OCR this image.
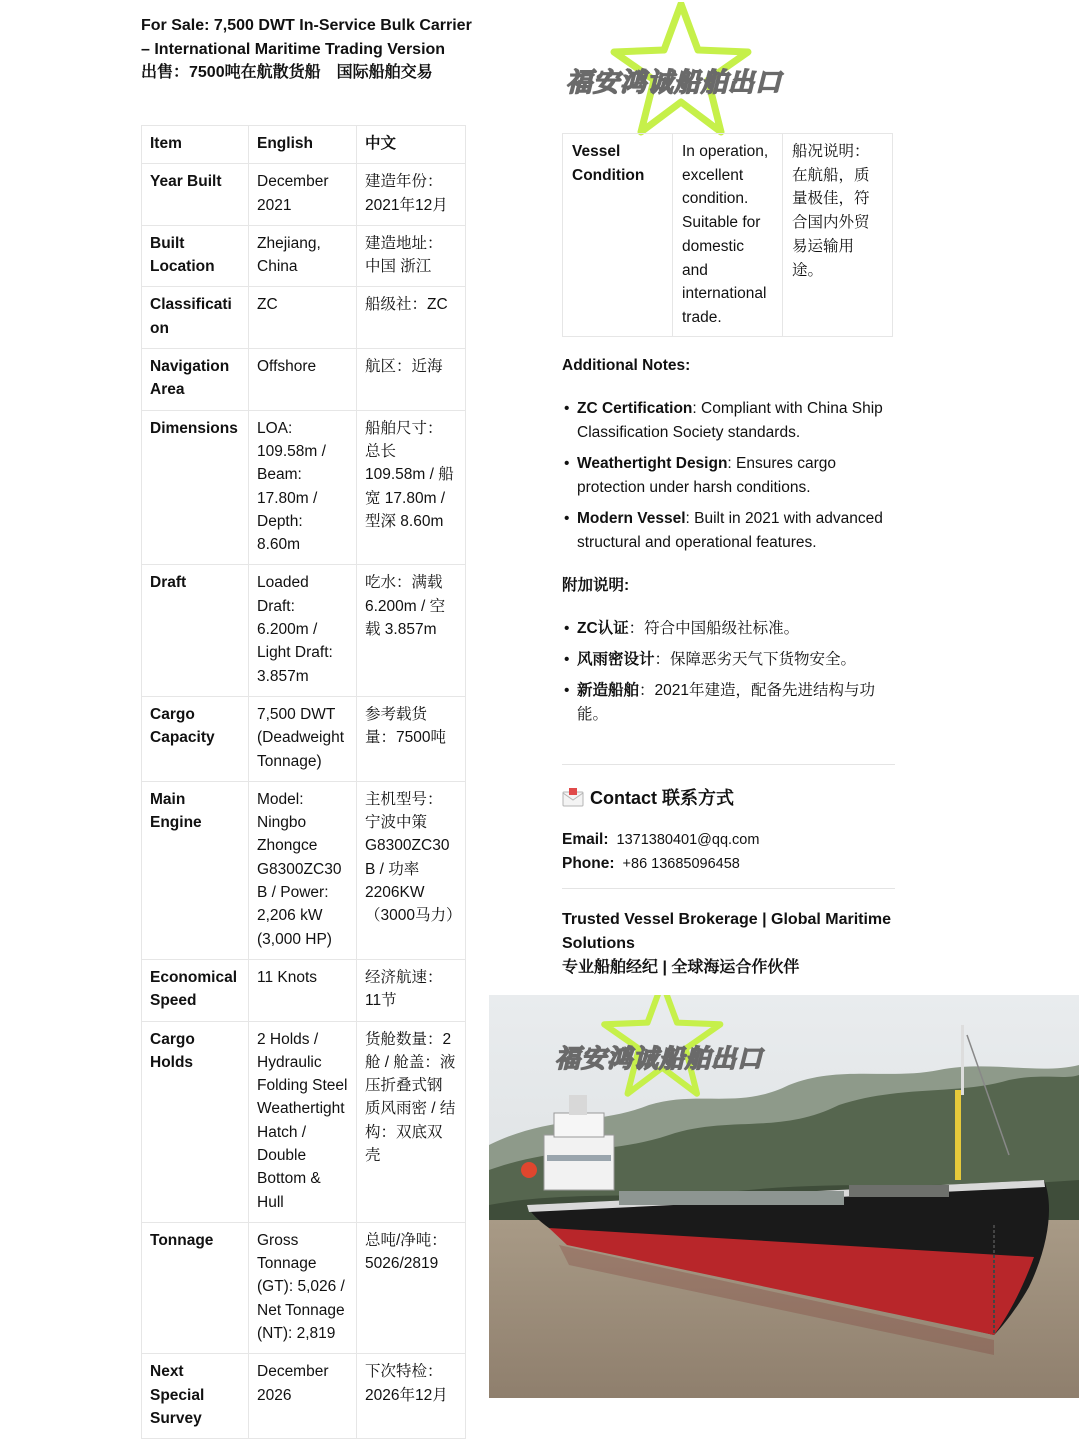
For Sale: 7,500 DWT In-Service Bulk Carrier
– International Maritime Trading Version
出售：7500吨在航散货船　国际船舶交易	福安鸿诚船舶出口
Item	English	中文
Year Built	December 2021	建造年份：2021年12月
Built Location	Zhejiang, China	建造地址：中国 浙江
Classification	ZC	船级社：ZC
Navigation Area	Offshore	航区：近海
Dimensions	LOA: 109.58m / Beam: 17.80m / Depth: 8.60m	船舶尺寸：总长 109.58m / 船宽 17.80m / 型深 8.60m
Draft	Loaded Draft: 6.200m / Light Draft: 3.857m	吃水：满载 6.200m / 空载 3.857m
Cargo Capacity	7,500 DWT (Deadweight Tonnage)	参考载货量：7500吨
Main Engine	Model: Ningbo Zhongce G8300ZC30B / Power: 2,206 kW (3,000 HP)	主机型号：宁波中策 G8300ZC30B / 功率 2206KW （3000马力）
Economical Speed	11 Knots	经济航速：11节
Cargo Holds	2 Holds / Hydraulic Folding Steel Weathertight Hatch / Double Bottom & Hull	货舱数量：2舱 / 舱盖：液压折叠式钢质风雨密 / 结构：双底双壳
Tonnage	Gross Tonnage (GT): 5,026 / Net Tonnage (NT): 2,819	总吨/净吨：5026/2819
Next Special Survey	December 2026	下次特检：2026年12月
Vessel Condition	In operation, excellent condition. Suitable for domestic and international trade.	船况说明：在航船，质量极佳，符合国内外贸易运输用途。
Additional Notes:
• ZC Certification: Compliant with China Ship Classification Society standards.
• Weathertight Design: Ensures cargo protection under harsh conditions.
• Modern Vessel: Built in 2021 with advanced structural and operational features.
附加说明:
• ZC认证：符合中国船级社标准。
• 风雨密设计：保障恶劣天气下货物安全。
• 新造船舶：2021年建造，配备先进结构与功能。
Contact 联系方式
Email: 1371380401@qq.com
Phone: +86 13685096458
Trusted Vessel Brokerage | Global Maritime Solutions
专业船舶经纪 | 全球海运合作伙伴
福安鸿诚船舶出口
